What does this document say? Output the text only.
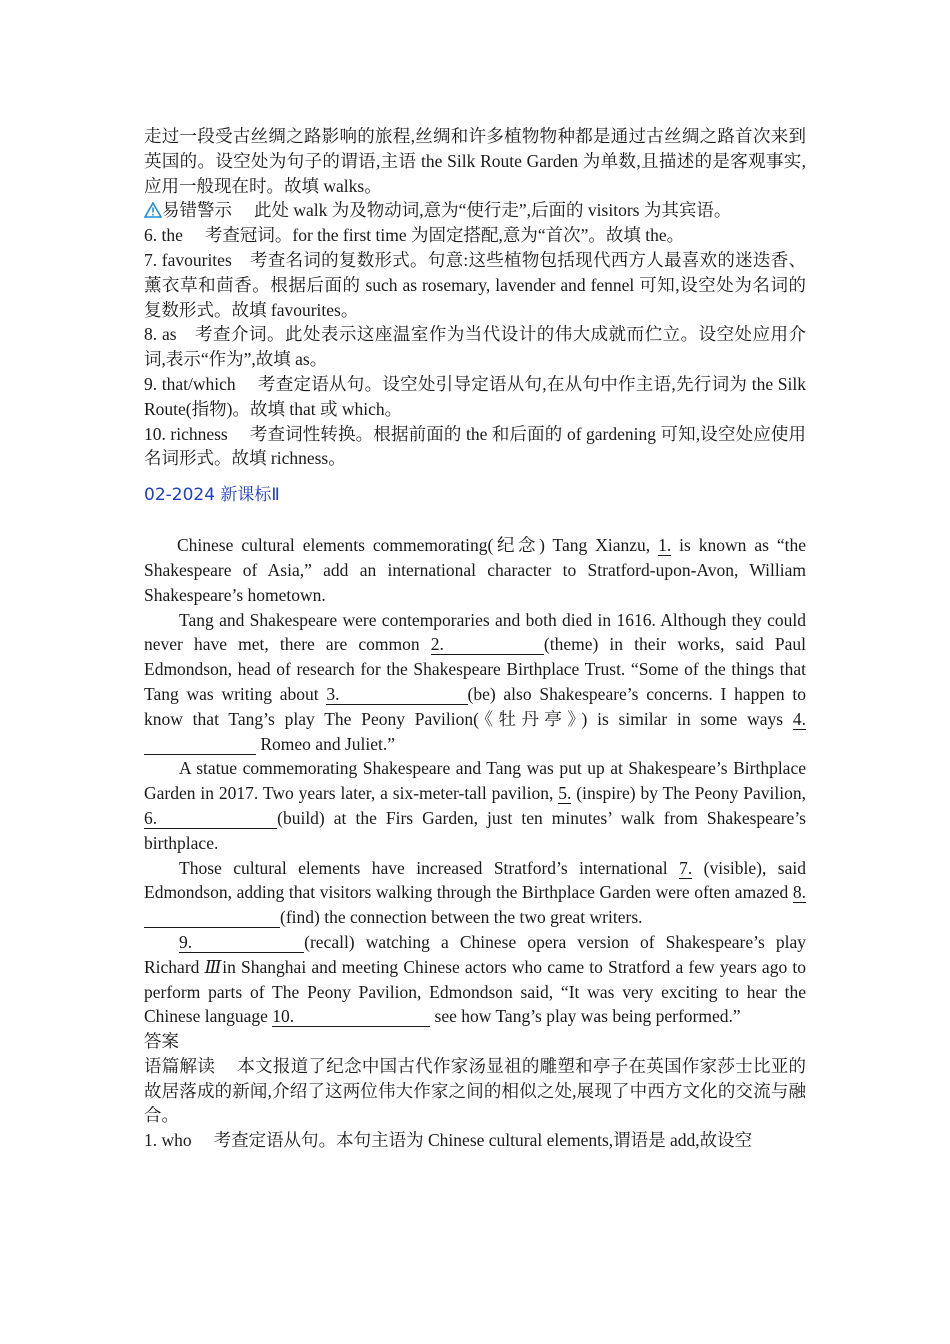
走过一段受古丝绸之路影响的旅程,丝绸和许多植物物种都是通过古丝绸之路首次来到英国的。设空处为句子的谓语,主语 the Silk Route Garden 为单数,且描述的是客观事实,应用一般现在时。故填 walks。

易错警示 此处 walk 为及物动词,意为“使行走”,后面的 visitors 为其宾语。

6. the 考查冠词。for the first time 为固定搭配,意为“首次”。故填 the。

7. favourites 考查名词的复数形式。句意:这些植物包括现代西方人最喜欢的迷迭香、薰衣草和茴香。根据后面的 such as rosemary, lavender and fennel 可知,设空处为名词的复数形式。故填 favourites。

8. as 考查介词。此处表示这座温室作为当代设计的伟大成就而伫立。设空处应用介词,表示“作为”,故填 as。

9. that/which 考查定语从句。设空处引导定语从句,在从句中作主语,先行词为 the Silk Route(指物)。故填 that 或 which。

10. richness 考查词性转换。根据前面的 the 和后面的 of gardening 可知,设空处应使用名词形式。故填 richness。

02-2024 新课标Ⅱ

Chinese cultural elements commemorating(纪念) Tang Xianzu, 1. is known as “the Shakespeare of Asia,” add an international character to Stratford-upon-Avon, William Shakespeare’s hometown.

Tang and Shakespeare were contemporaries and both died in 1616. Although they could never have met, there are common 2.	(theme) in their works, said Paul Edmondson, head of research for the Shakespeare Birthplace Trust. “Some of the things that Tang was writing about 3.	(be) also Shakespeare’s concerns. I happen to know that Tang’s play The Peony Pavilion(《牡丹亭》) is similar in some ways 4. Romeo and Juliet.”

A statue commemorating Shakespeare and Tang was put up at Shakespeare’s Birthplace Garden in 2017. Two years later, a six-meter-tall pavilion, 5. (inspire) by The Peony Pavilion, 6.	(build) at the Firs Garden, just ten minutes’ walk from Shakespeare’s birthplace.

Those cultural elements have increased Stratford’s international 7. (visible), said Edmondson, adding that visitors walking through the Birthplace Garden were often amazed 8.(find) the connection between the two great writers.

9.	(recall) watching a Chinese opera version of Shakespeare’s play Richard Ⅲin Shanghai and meeting Chinese actors who came to Stratford a few years ago to perform parts of The Peony Pavilion, Edmondson said, “It was very exciting to hear the Chinese language 10.	see how Tang’s play was being performed.”

答案

语篇解读 本文报道了纪念中国古代作家汤显祖的雕塑和亭子在英国作家莎士比亚的故居落成的新闻,介绍了这两位伟大作家之间的相似之处,展现了中西方文化的交流与融合。

1. who 考查定语从句。本句主语为 Chinese cultural elements,谓语是 add,故设空
